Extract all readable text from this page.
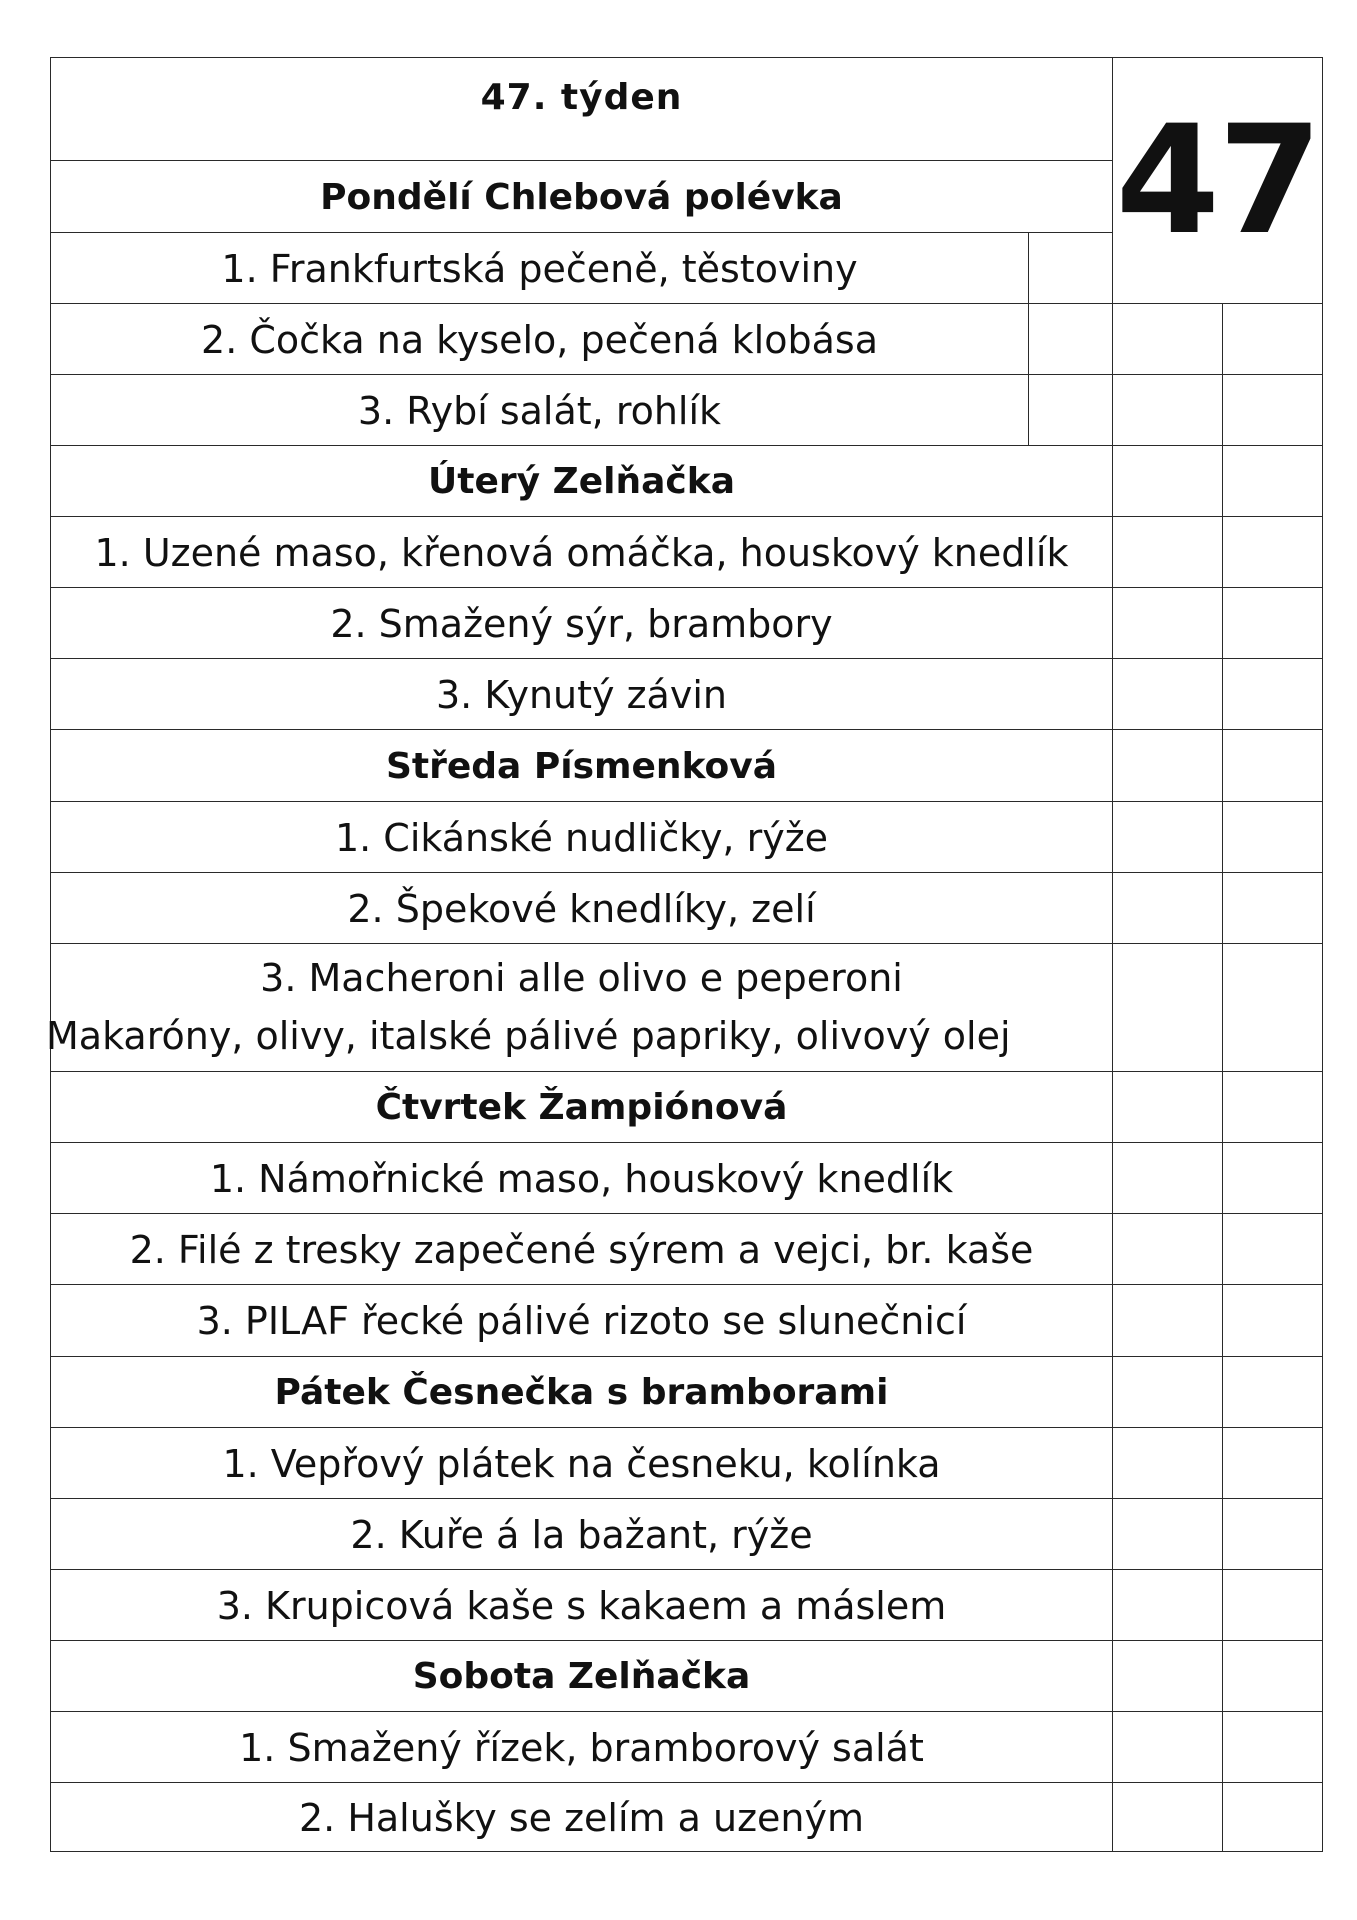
47. týden	47
Pondělí Chlebová polévka
1. Frankfurtská pečeně, těstoviny
2. Čočka na kyselo, pečená klobása
3. Rybí salát, rohlík
Úterý Zelňačka
1. Uzené maso, křenová omáčka, houskový knedlík
2. Smažený sýr, brambory
3. Kynutý závin
Středa Písmenková
1. Cikánské nudličky, rýže
2. Špekové knedlíky, zelí
3. Macheroni alle olivo e peperoni
Makaróny, olivy, italské pálivé papriky, olivový olej
Čtvrtek Žampiónová
1. Námořnické maso, houskový knedlík
2. Filé z tresky zapečené sýrem a vejci, br. kaše
3. PILAF řecké pálivé rizoto se slunečnicí
Pátek Česnečka s bramborami
1. Vepřový plátek na česneku, kolínka
2. Kuře á la bažant, rýže
3. Krupicová kaše s kakaem a máslem
Sobota Zelňačka
1. Smažený řízek, bramborový salát
2. Halušky se zelím a uzeným
